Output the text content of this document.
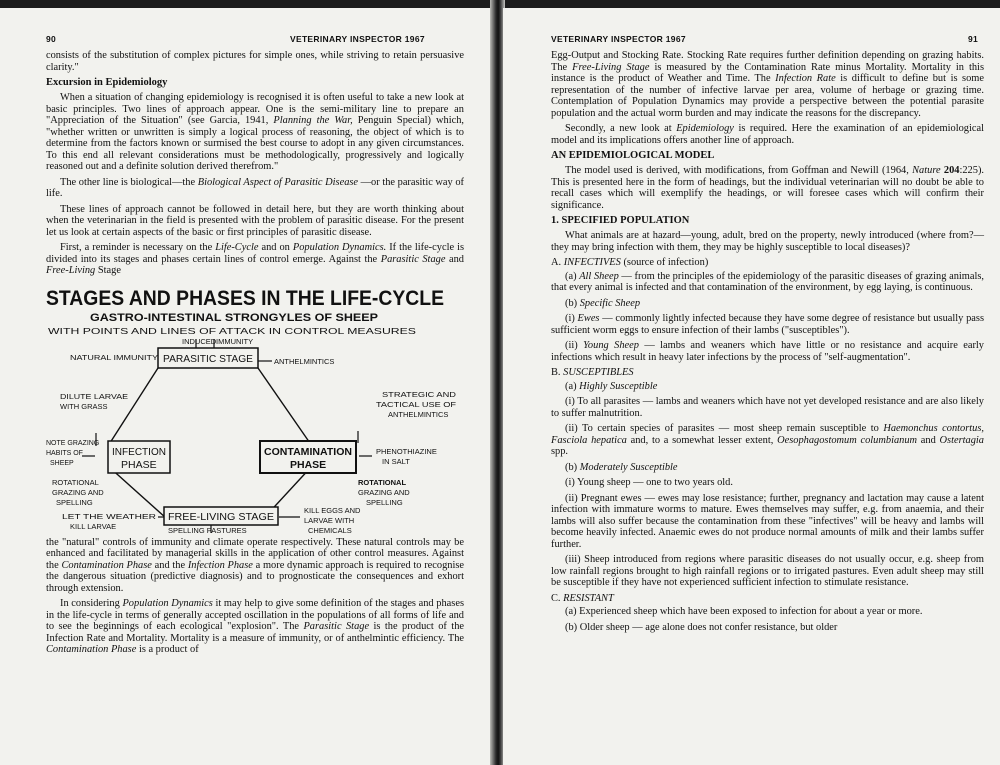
90	VETERINARY INSPECTOR 1967

consists of the substitution of complex pictures for simple ones, while striving to retain persuasive clarity."

Excursion in Epidemiology

When a situation of changing epidemiology is recognised it is often useful to take a new look at basic principles. Two lines of approach appear. One is the semi-military line to prepare an "Appreciation of the Situation" (see Garcia, 1941, Planning the War, Penguin Special) which, "whether written or unwritten is simply a logical process of reasoning, the object of which is to determine from the factors known or surmised the best course to adopt in any given circumstances. To this end all relevant considerations must be methodologically, progressively and logically reasoned out and a definite solution derived therefrom."

The other line is biological—the Biological Aspect of Parasitic Disease —or the parasitic way of life.

These lines of approach cannot be followed in detail here, but they are worth thinking about when the veterinarian in the field is presented with the problem of parasitic disease. For the present let us look at certain aspects of the basic or first principles of parasitic disease.

First, a reminder is necessary on the Life-Cycle and on Population Dynamics. If the life-cycle is divided into its stages and phases certain lines of control emerge. Against the Parasitic Stage and Free-Living Stage

STAGES AND PHASES IN THE LIFE-CYCLE
GASTRO-INTESTINAL STRONGYLES OF SHEEP
WITH POINTS AND LINES OF ATTACK IN CONTROL MEASURES
PARASITIC STAGE
INFECTION
PHASE
CONTAMINATION
PHASE
FREE-LIVING STAGE
INDUCED IMMUNITY
NATURAL IMMUNITY	ANTHELMINTICS
DILUTE LARVAE
WITH GRASS
STRATEGIC AND
TACTICAL USE OF
ANTHELMINTICS
NOTE GRAZING
HABITS OF
SHEEP
PHENOTHIAZINE
IN SALT
ROTATIONAL
GRAZING AND
SPELLING
ROTATIONAL
GRAZING AND
SPELLING
LET THE WEATHER
KILL LARVAE
KILL EGGS AND
LARVAE WITH
CHEMICALS
SPELLING PASTURES

the "natural" controls of immunity and climate operate respectively. These natural controls may be enhanced and facilitated by managerial skills in the application of other control measures. Against the Contamination Phase and the Infection Phase a more dynamic approach is required to recognise the dangerous situation (predictive diagnosis) and to prognosticate the consequences and exhort through extension.

In considering Population Dynamics it may help to give some definition of the stages and phases in the life-cycle in terms of generally accepted oscillation in the populations of all forms of life and to see the beginnings of each ecological "explosion". The Parasitic Stage is the product of the Infection Rate and Mortality. Mortality is a measure of immunity, or of anthelmintic efficiency. The Contamination Phase is a product of

VETERINARY INSPECTOR 1967	91

Egg-Output and Stocking Rate. Stocking Rate requires further definition depending on grazing habits. The Free-Living Stage is measured by the Contamination Rate minus Mortality. Mortality in this instance is the product of Weather and Time. The Infection Rate is difficult to define but is some representation of the number of infective larvae per area, volume of herbage or grazing time. Contemplation of Population Dynamics may provide a perspective between the potential parasite population and the actual worm burden and may indicate the reasons for the discrepancy.

Secondly, a new look at Epidemiology is required. Here the examination of an epidemiological model and its implications offers another line of approach.

AN EPIDEMIOLOGICAL MODEL

The model used is derived, with modifications, from Goffman and Newill (1964, Nature 204:225). This is presented here in the form of headings, but the individual veterinarian will no doubt be able to recall cases which will exemplify the headings, or will foresee cases which will confirm their significance.

1. SPECIFIED POPULATION

What animals are at hazard—young, adult, bred on the property, newly introduced (where from?—they may bring infection with them, they may be highly susceptible to local diseases)?

A. INFECTIVES (source of infection)

(a) All Sheep — from the principles of the epidemiology of the parasitic diseases of grazing animals, that every animal is infected and that contamination of the environment, by egg laying, is continuous.

(b) Specific Sheep

(i) Ewes — commonly lightly infected because they have some degree of resistance but usually pass sufficient worm eggs to ensure infection of their lambs ("susceptibles").

(ii) Young Sheep — lambs and weaners which have little or no resistance and acquire early infections which result in heavy later infections by the process of "self-augmentation".

B. SUSCEPTIBLES

(a) Highly Susceptible

(i) To all parasites — lambs and weaners which have not yet developed resistance and are also likely to suffer malnutrition.

(ii) To certain species of parasites — most sheep remain susceptible to Haemonchus contortus, Fasciola hepatica and, to a somewhat lesser extent, Oesophagostomum columbianum and Ostertagia spp.

(b) Moderately Susceptible

(i) Young sheep — one to two years old.

(ii) Pregnant ewes — ewes may lose resistance; further, pregnancy and lactation may cause a latent infection with immature worms to mature. Ewes themselves may suffer, e.g. from anaemia, and their lambs will also suffer because the contamination from these "infectives" will be heavy and lambs will become heavily infected. Anaemic ewes do not produce normal amounts of milk and their lambs suffer further.

(iii) Sheep introduced from regions where parasitic diseases do not usually occur, e.g. sheep from low rainfall regions brought to high rainfall regions or to irrigated pastures. Even adult sheep may still be susceptible if they have not experienced sufficient infection to stimulate resistance.

C. RESISTANT

(a) Experienced sheep which have been exposed to infection for about a year or more.

(b) Older sheep — age alone does not confer resistance, but older
